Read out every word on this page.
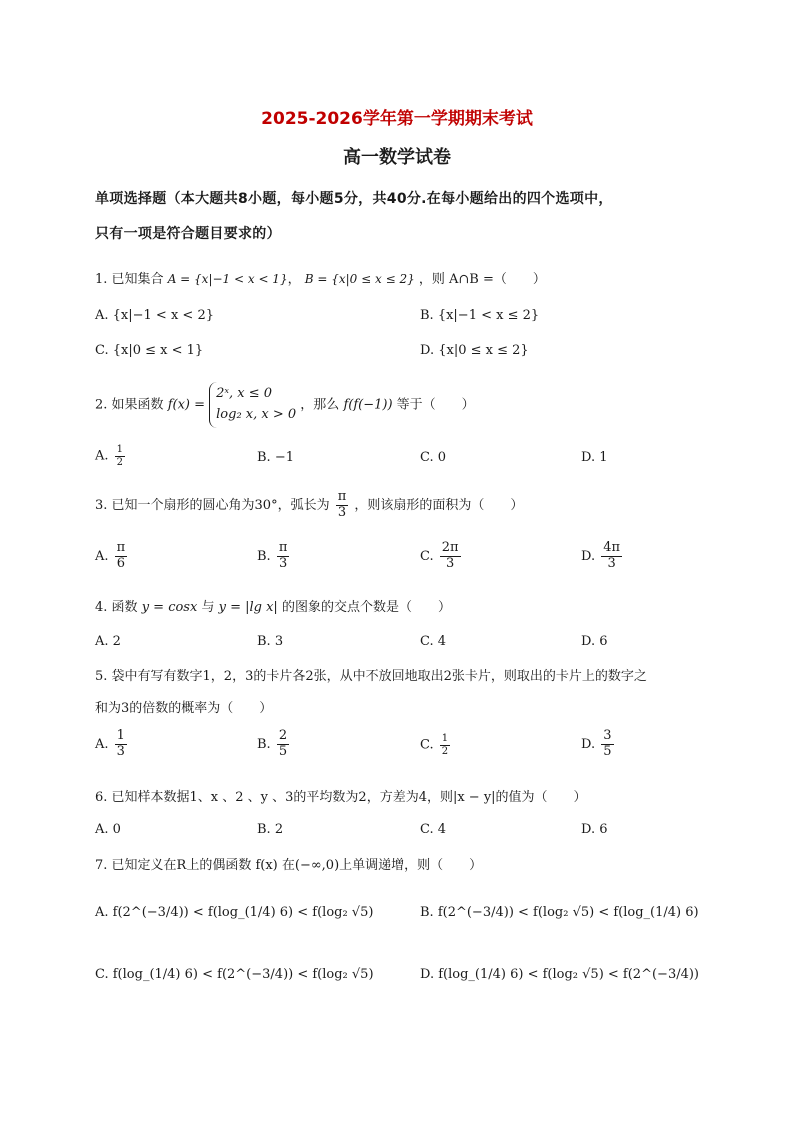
2025-2026学年第一学期期末考试
高一数学试卷
单项选择题（本大题共8小题，每小题5分，共40分.在每小题给出的四个选项中，
只有一项是符合题目要求的）
1. 已知集合 A = {x|−1 < x < 1}， B = {x|0 ≤ x ≤ 2} ，则 A∩B =（　　）
A. {x|−1 < x < 2}	B. {x|−1 < x ≤ 2}
C. {x|0 ≤ x < 1}	D. {x|0 ≤ x ≤ 2}
2. 如果函数 f(x) =
2ˣ, x ≤ 0
log₂ x, x > 0
，那么 f(f(−1)) 等于（　　）
A. $\frac{1}{2}$	B. −1	C. 0	D. 1
3. 已知一个扇形的圆心角为30°，弧长为 $\frac{\pi}{3}$ ，则该扇形的面积为（　　）
A. $\frac{\pi}{6}$	B. $\frac{\pi}{3}$	C. $\frac{2\pi}{3}$	D. $\frac{4\pi}{3}$
4. 函数 y = cosx 与 y = |lg x| 的图象的交点个数是（　　）
A. 2	B. 3	C. 4	D. 6
5. 袋中有写有数字1，2，3的卡片各2张，从中不放回地取出2张卡片，则取出的卡片上的数字之
和为3的倍数的概率为（　　）
A. $\frac{1}{3}$	B. $\frac{2}{5}$	C. $\frac{1}{2}$	D. $\frac{3}{5}$
6. 已知样本数据1、x 、2 、y 、3的平均数为2，方差为4，则|x − y|的值为（　　）
A. 0	B. 2	C. 4	D. 6
7. 已知定义在R上的偶函数 f(x) 在(−∞,0)上单调递增，则（　　）
A. f(2^(−3/4)) < f(log_(1/4) 6) < f(log₂ √5)	B. f(2^(−3/4)) < f(log₂ √5) < f(log_(1/4) 6)
C. f(log_(1/4) 6) < f(2^(−3/4)) < f(log₂ √5)	D. f(log_(1/4) 6) < f(log₂ √5) < f(2^(−3/4))
